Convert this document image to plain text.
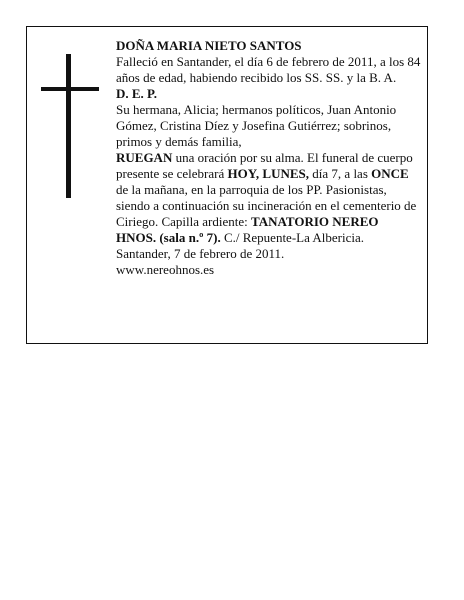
DOÑA MARIA NIETO SANTOS

Falleció en Santander, el día 6 de febrero de 2011, a los 84 años de edad, habiendo recibido los SS. SS. y la B. A.

D. E. P.

Su hermana, Alicia; hermanos políticos, Juan Antonio Gómez, Cristina Díez y Josefina Gutiérrez; sobrinos, primos y demás familia,

RUEGAN una oración por su alma. El funeral de cuerpo presente se celebrará HOY, LUNES, día 7, a las ONCE de la mañana, en la parroquia de los PP. Pasionistas, siendo a continuación su incineración en el cementerio de Ciriego. Capilla ardiente: TANATORIO NEREO HNOS. (sala n.º 7). C./ Repuente-La Albericia.

Santander, 7 de febrero de 2011.

www.nereohnos.es
